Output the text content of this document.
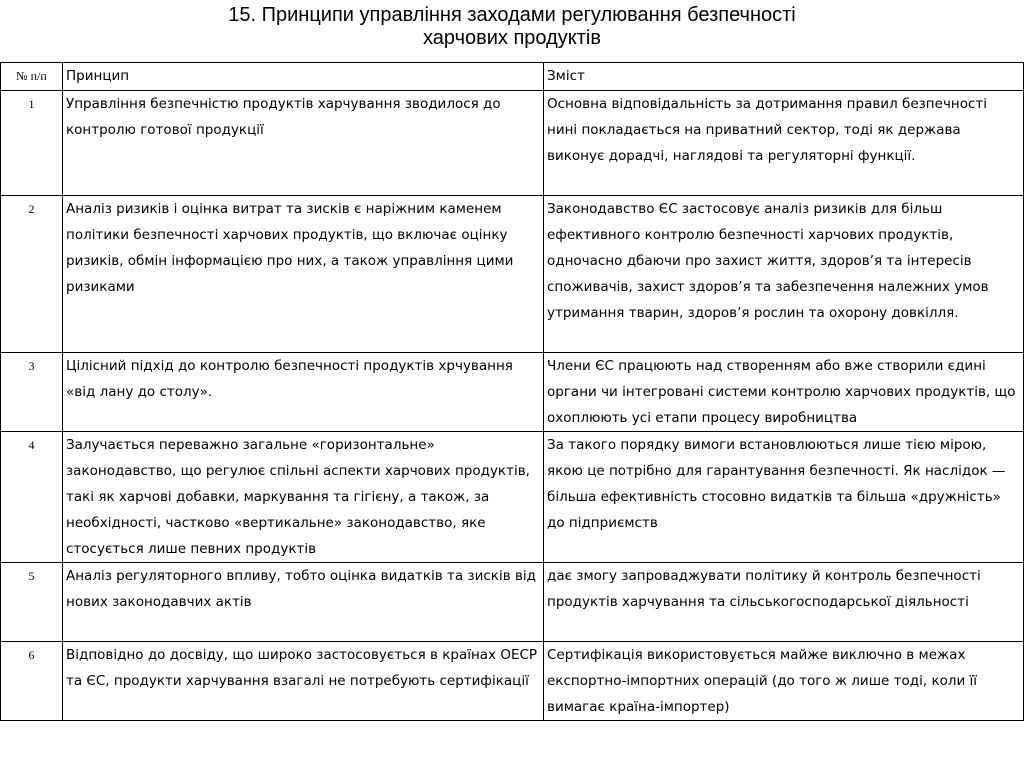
15. Принципи управління заходами регулювання безпечності
харчових продуктів
№ п/п	Принцип	Зміст
1	Управління безпечністю продуктів харчування зводилося до контролю готової продукції	Основна відповідальність за дотримання правил безпечності нині покладається на приватний сектор, тоді як держава виконує дорадчі, наглядові та регуляторні функції.
2	Аналіз ризиків і оцінка витрат та зисків є наріжним каменем політики безпечності харчових продуктів, що включає оцінку ризиків, обмін інформацією про них, а також управління цими ризиками	Законодавство ЄС застосовує аналіз ризиків для більш ефективного контролю безпечності харчових продуктів, одночасно дбаючи про захист життя, здоров’я та інтересів споживачів, захист здоров’я та забезпечення належних умов утримання тварин, здоров’я рослин та охорону довкілля.
3	Цілісний підхід до контролю безпечності продуктів хрчування «від лану до столу».	Члени ЄС працюють над створенням або вже створили єдині органи чи інтегровані системи контролю харчових продуктів, що охоплюють усі етапи процесу виробництва
4	Залучається переважно загальне «горизонтальне» законодавство, що регулює спільні аспекти харчових продуктів, такі як харчові добавки, маркування та гігієну, а також, за необхідності, частково «вертикальне» законодавство, яке стосується лише певних продуктів	За такого порядку вимоги встановлюються лише тією мірою, якою це потрібно для гарантування безпечності. Як наслідок — більша ефективність стосовно видатків та більша «дружність» до підприємств
5	Аналіз регуляторного впливу, тобто оцінка видатків та зисків від нових законодавчих актів	дає змогу запроваджувати політику й контроль безпечності продуктів харчування та сільськогосподарської діяльності
6	Відповідно до досвіду, що широко застосовується в країнах ОЕСР та ЄС, продукти харчування взагалі не потребують сертифікації	Сертифікація використовується майже виключно в межах експортно-імпортних операцій (до того ж лише тоді, коли її вимагає країна-імпортер)
